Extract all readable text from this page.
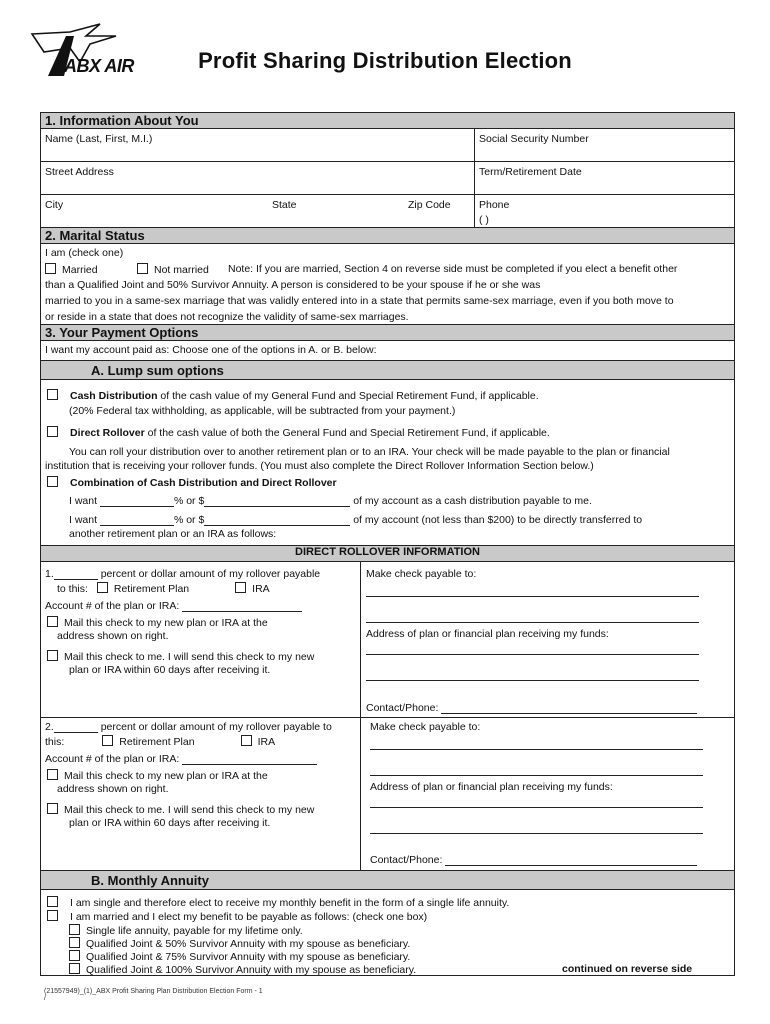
ABX AIR	Profit Sharing Distribution Election
1. Information About You
Name (Last, First, M.I.)	Social Security Number
Street Address	Term/Retirement Date
City	State	Zip Code	Phone
( )
2. Marital Status
I am (check one)
Married	Not married Note: If you are married, Section 4 on reverse side must be completed if you elect a benefit other
than a Qualified Joint and 50% Survivor Annuity. A person is considered to be your spouse if he or she was
married to you in a same-sex marriage that was validly entered into in a state that permits same-sex marriage, even if you both move to
or reside in a state that does not recognize the validity of same-sex marriages.
3. Your Payment Options
I want my account paid as: Choose one of the options in A. or B. below:
A. Lump sum options
Cash Distribution of the cash value of my General Fund and Special Retirement Fund, if applicable.
(20% Federal tax withholding, as applicable, will be subtracted from your payment.)
Direct Rollover of the cash value of both the General Fund and Special Retirement Fund, if applicable.
You can roll your distribution over to another retirement plan or to an IRA. Your check will be made payable to the plan or financial
institution that is receiving your rollover funds. (You must also complete the Direct Rollover Information Section below.)
Combination of Cash Distribution and Direct Rollover
I want	% or $	of my account as a cash distribution payable to me.
I want	% or $	of my account (not less than $200) to be directly transferred to
another retirement plan or an IRA as follows:
DIRECT ROLLOVER INFORMATION
1.	percent or dollar amount of my rollover payable
to this: Retirement Plan	IRA
Account # of the plan or IRA:
Mail this check to my new plan or IRA at the
address shown on right.
Mail this check to me. I will send this check to my new
plan or IRA within 60 days after receiving it.
Make check payable to:
Address of plan or financial plan receiving my funds:
Contact/Phone:
2.	percent or dollar amount of my rollover payable to
this:	Retirement Plan	IRA
Account # of the plan or IRA:
Mail this check to my new plan or IRA at the
address shown on right.
Mail this check to me. I will send this check to my new
plan or IRA within 60 days after receiving it.
Make check payable to:
Address of plan or financial plan receiving my funds:
Contact/Phone:
B. Monthly Annuity
I am single and therefore elect to receive my monthly benefit in the form of a single life annuity.
I am married and I elect my benefit to be payable as follows: (check one box)
Single life annuity, payable for my lifetime only.
Qualified Joint & 50% Survivor Annuity with my spouse as beneficiary.
Qualified Joint & 75% Survivor Annuity with my spouse as beneficiary.
Qualified Joint & 100% Survivor Annuity with my spouse as beneficiary.	continued on reverse side
(21557949)_(1)_ABX Profit Sharing Plan Distribution Election Form - 1
/
